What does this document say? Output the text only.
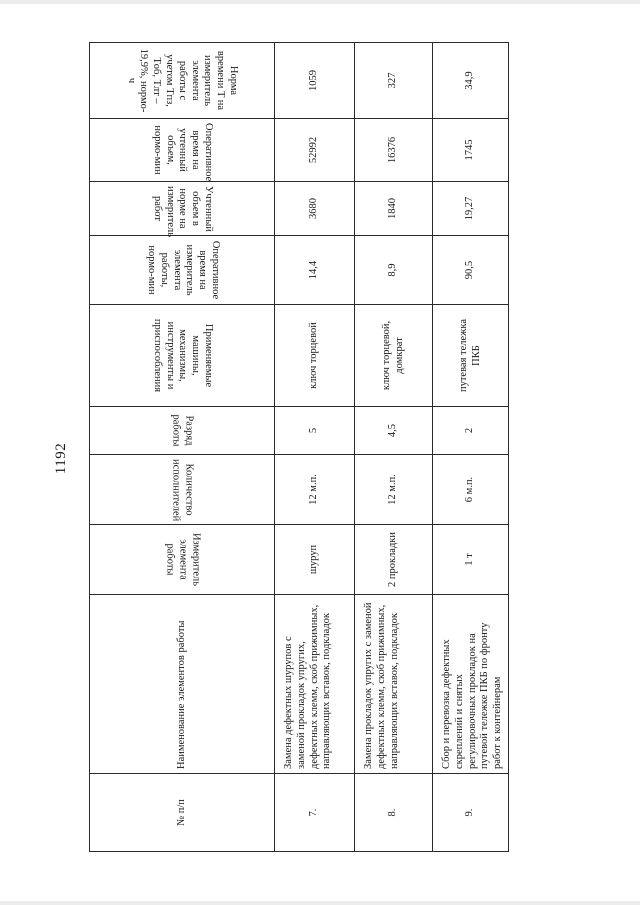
1192
№ п/п	Наименование элементов работы	Измеритель элемента работы	Количество исполнителей	Разряд работы	Применяемые машины, механизмы, инструменты и приспособления	Оперативное время на измеритель элемента работы, нормо-мин	Учтенный объем в норме на измеритель работ	Оперативное время на учтенный объем, нормо-мин	Норма времени T на измеритель элемента работы с учетом Tпз, Tоб, Tлт – 19,9%, нормо-ч

7.	Замена дефектных шурупов с заменой прокладок упругих, дефектных клемм, скоб прижимных, направляющих вставок, подкладок	шуруп	12 м.п.	5	ключ торцевой	14,4	3680	52992	1059
8.	Замена прокладок упругих с заменой дефектных клемм, скоб прижимных, направляющих вставок, подкладок	2 прокладки	12 м.п.	4,5	ключ торцевой, домкрат	8,9	1840	16376	327
9.	Сбор и перевозка дефектных скреплений и снятых регулировочных прокладок на путевой тележке ПКБ по фронту работ к контейнерам	1 т	6 м.п.	2	путевая тележка ПКБ	90,5	19,27	1745	34,9
